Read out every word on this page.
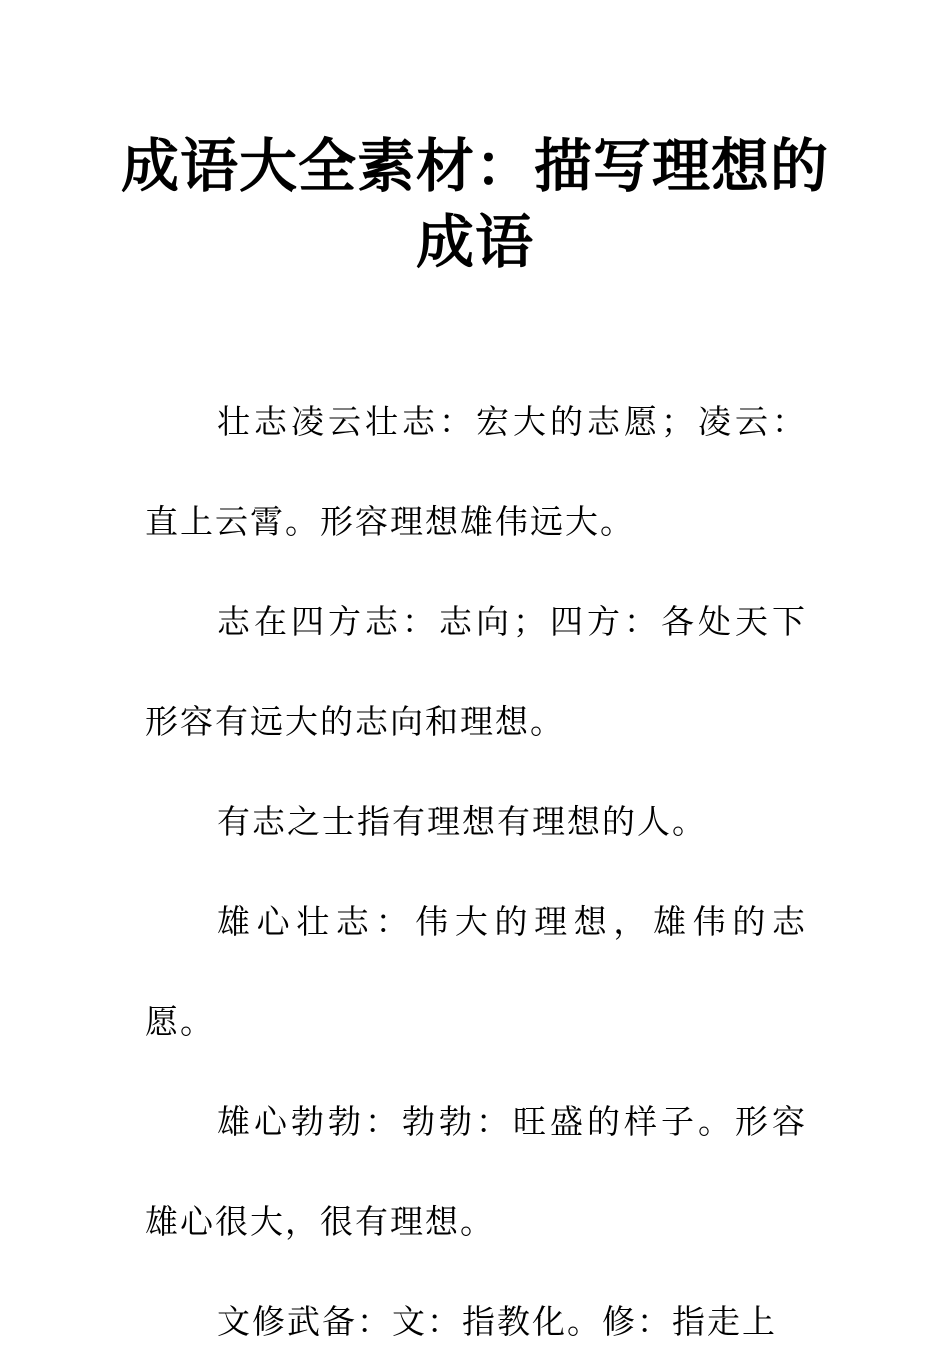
成语大全素材：描写理想的成语

壮志凌云壮志：宏大的志愿；凌云：直上云霄。形容理想雄伟远大。

志在四方志：志向；四方：各处天下形容有远大的志向和理想。

有志之士指有理想有理想的人。

雄心壮志：伟大的理想，雄伟的志愿。

雄心勃勃：勃勃：旺盛的样子。形容雄心很大，很有理想。

文修武备：文：指教化。修：指走上
